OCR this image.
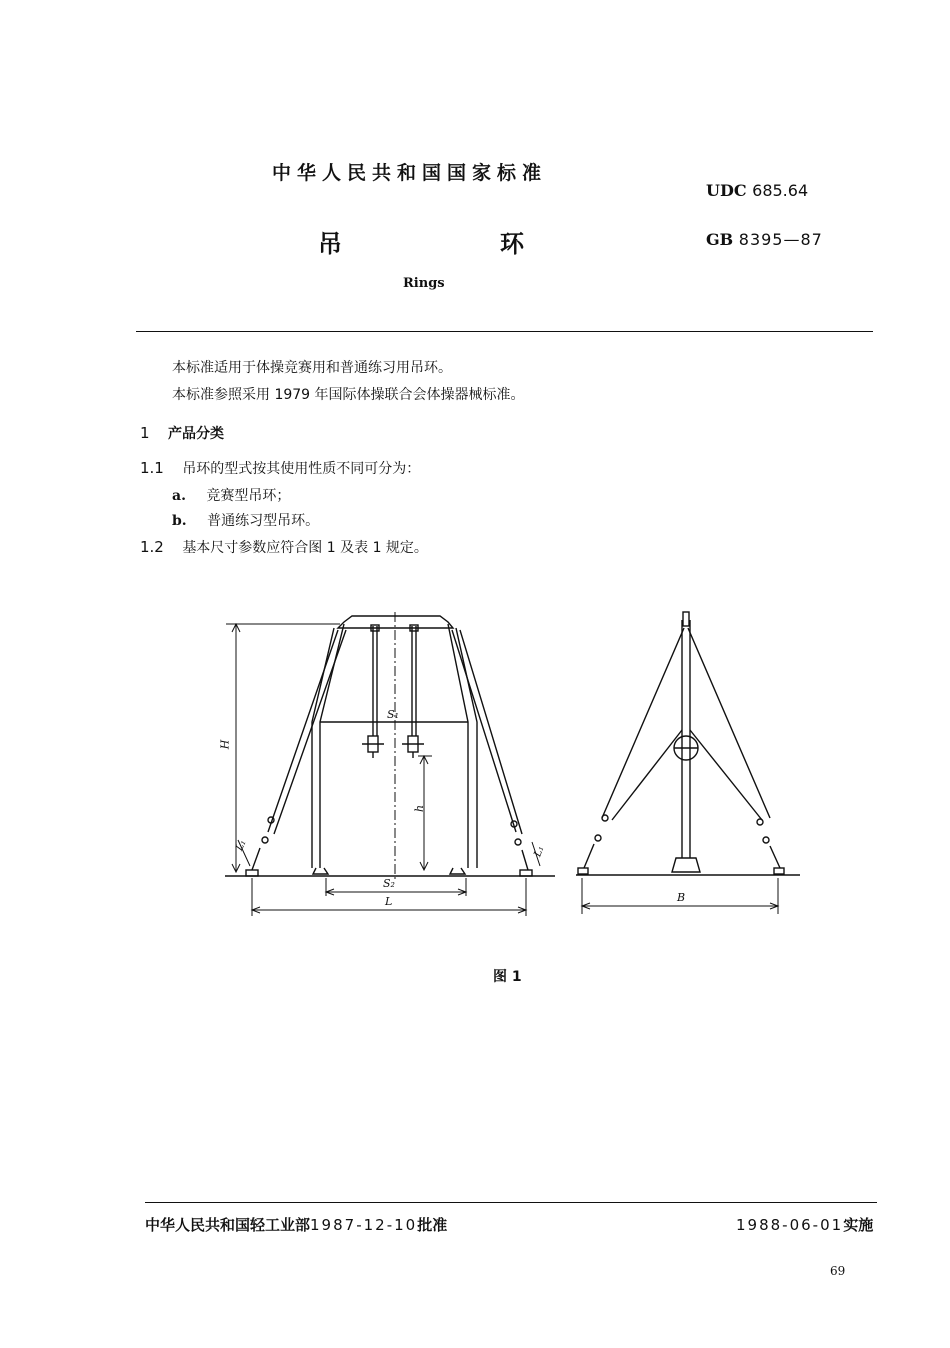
中华人民共和国国家标准
UDC 685.64
吊	环	GB 8395—87
Rings
本标准适用于体操竞赛用和普通练习用吊环。
本标准参照采用 1979 年国际体操联合会体操器械标准。
1 产品分类
1.1 吊环的型式按其使用性质不同可分为：
a. 竞赛型吊环；
b. 普通练习型吊环。
1.2 基本尺寸参数应符合图 1 及表 1 规定。
H
h
S₁
S₂
L
L₁	L₁
B
图 1
中华人民共和国轻工业部1987-12-10批准	1988-06-01实施
69
